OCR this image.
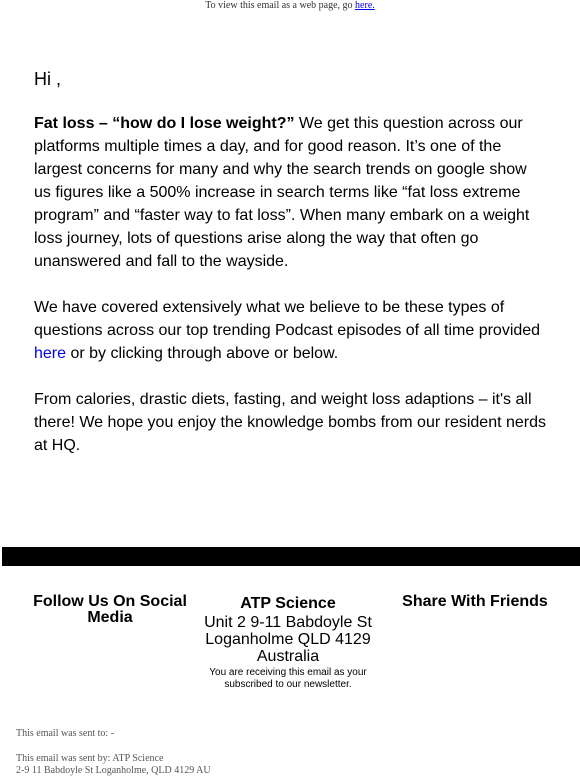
To view this email as a web page, go here.

Hi ,

Fat loss – “how do I lose weight?” We get this question across our platforms multiple times a day, and for good reason. It’s one of the largest concerns for many and why the search trends on google show us figures like a 500% increase in search terms like “fat loss extreme program” and “faster way to fat loss”. When many embark on a weight loss journey, lots of questions arise along the way that often go unanswered and fall to the wayside.

We have covered extensively what we believe to be these types of questions across our top trending Podcast episodes of all time provided here or by clicking through above or below.

From calories, drastic diets, fasting, and weight loss adaptions – it's all there! We hope you enjoy the knowledge bombs from our resident nerds at HQ.

Follow Us On Social Media

ATP Science

Unit 2 9-11 Babdoyle St
Loganholme QLD 4129
Australia

You are receiving this email as your subscribed to our newsletter.

Share With Friends

This email was sent to: -
This email was sent by: ATP Science
2-9 11 Babdoyle St Loganholme, QLD 4129 AU
